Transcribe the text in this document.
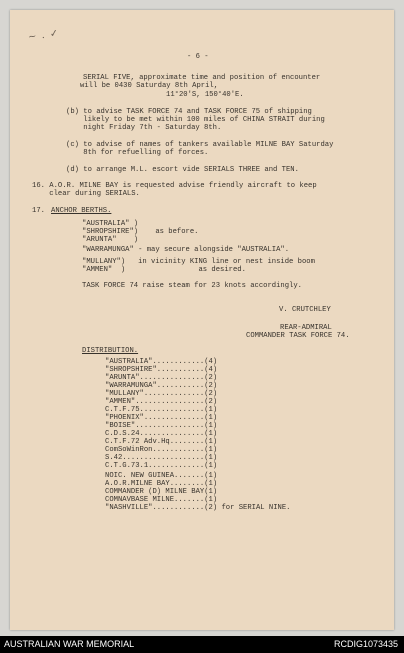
~ . ✓
- 6 -
SERIAL FIVE, approximate time and position of encounter
will be 0430 Saturday 8th April,
11°20'S, 150°40'E.
(b) to advise TASK FORCE 74 and TASK FORCE 75 of shipping
likely to be met within 100 miles of CHINA STRAIT during
night Friday 7th - Saturday 8th.
(c) to advise of names of tankers available MILNE BAY Saturday
8th for refuelling of forces.
(d) to arrange M.L. escort vide SERIALS THREE and TEN.
16. A.O.R. MILNE BAY is requested advise friendly aircraft to keep
clear during SERIALS.
17. ANCHOR BERTHS.
"AUSTRALIA" )
"SHROPSHIRE")    as before.
"ARUNTA"    )
"WARRAMUNGA" - may secure alongside "AUSTRALIA".
"MULLANY")   in vicinity KING line or nest inside boom
"AMMEN"  )                 as desired.
TASK FORCE 74 raise steam for 23 knots accordingly.
V. CRUTCHLEY
REAR-ADMIRAL
COMMANDER TASK FORCE 74.
DISTRIBUTION.
"AUSTRALIA"............(4)
"SHROPSHIRE"...........(4)
"ARUNTA"...............(2)
"WARRAMUNGA"...........(2)
"MULLANY"..............(2)
"AMMEN"................(2)
C.T.F.75...............(1)
"PHOENIX"..............(1)
"BOISE"................(1)
C.D.S.24...............(1)
C.T.F.72 Adv.Hq........(1)
ComSoWinRon............(1)
S.42...................(1)
C.T.G.73.1.............(1)
NOIC. NEW GUINEA.......(1)
A.O.R.MILNE BAY........(1)
COMMANDER (D) MILNE BAY(1)
COMNAVBASE MILNE.......(1)
"NASHVILLE"............(2) for SERIAL NINE.
AUSTRALIAN WAR MEMORIAL	RCDIG1073435
